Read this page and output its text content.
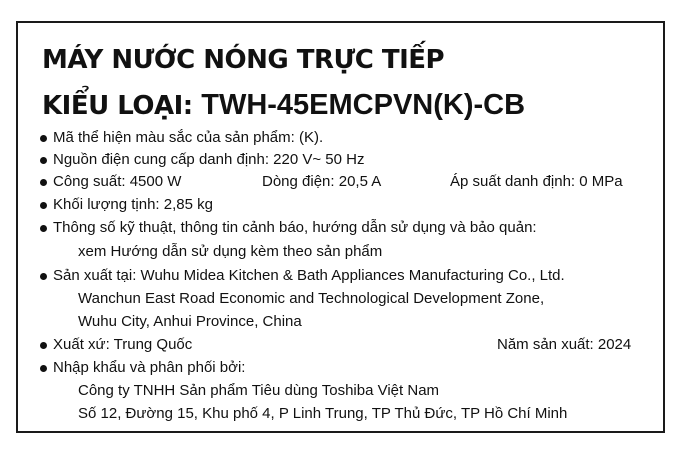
MÁY NƯỚC NÓNG TRỰC TIẾP
KIỂU LOẠI: TWH-45EMCPVN(K)-CB
Mã thể hiện màu sắc của sản phẩm: (K).
Nguồn điện cung cấp danh định: 220 V~ 50 Hz
Công suất: 4500 W	Dòng điện: 20,5 A	Áp suất danh định: 0 MPa
Khối lượng tịnh: 2,85 kg
Thông số kỹ thuật, thông tin cảnh báo, hướng dẫn sử dụng và bảo quản:
xem Hướng dẫn sử dụng kèm theo sản phẩm
Sản xuất tại: Wuhu Midea Kitchen & Bath Appliances Manufacturing Co., Ltd.
Wanchun East Road Economic and Technological Development Zone,
Wuhu City, Anhui Province, China
Xuất xứ: Trung Quốc	Năm sản xuất: 2024
Nhập khẩu và phân phối bởi:
Công ty TNHH Sản phẩm Tiêu dùng Toshiba Việt Nam
Số 12, Đường 15, Khu phố 4, P Linh Trung, TP Thủ Đức, TP Hồ Chí Minh
